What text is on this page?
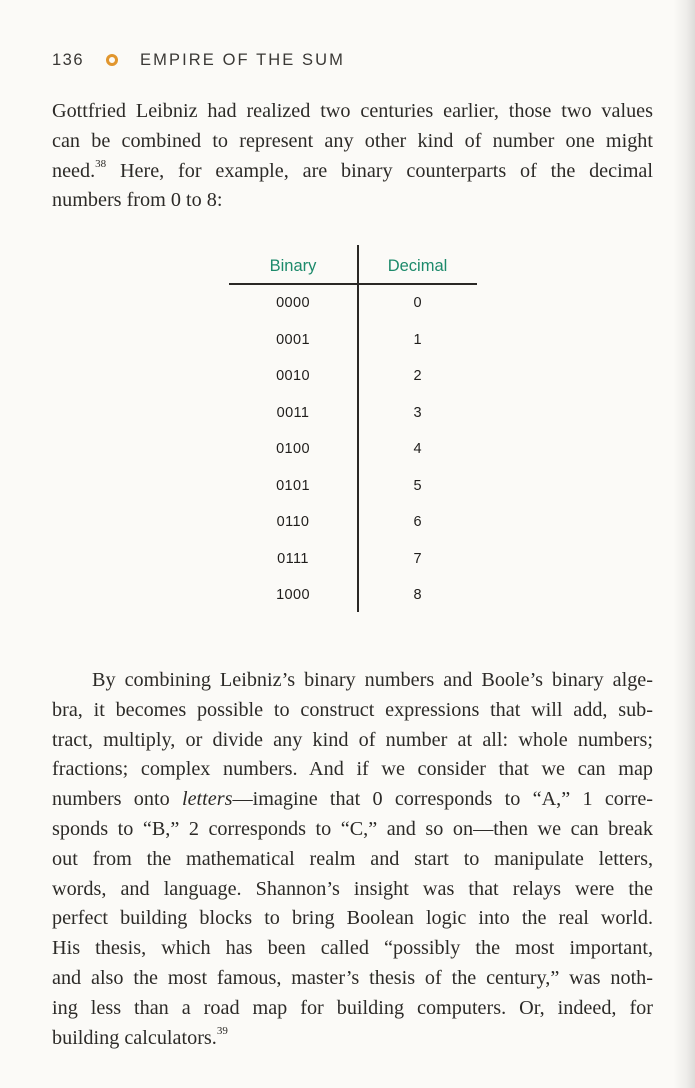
136	EMPIRE OF THE SUM
Gottfried Leibniz had realized two centuries earlier, those two values
can be combined to represent any other kind of number one might
need.$^{38}$ Here, for example, are binary counterparts of the decimal
numbers from 0 to 8:
Binary	Decimal
0000	0
0001	1
0010	2
0011	3
0100	4
0101	5
0110	6
0111	7
1000	8
By combining Leibniz’s binary numbers and Boole’s binary alge-
bra, it becomes possible to construct expressions that will add, sub-
tract, multiply, or divide any kind of number at all: whole numbers;
fractions; complex numbers. And if we consider that we can map
numbers onto letters—imagine that 0 corresponds to “A,” 1 corre-
sponds to “B,” 2 corresponds to “C,” and so on—then we can break
out from the mathematical realm and start to manipulate letters,
words, and language. Shannon’s insight was that relays were the
perfect building blocks to bring Boolean logic into the real world.
His thesis, which has been called “possibly the most important,
and also the most famous, master’s thesis of the century,” was noth-
ing less than a road map for building computers. Or, indeed, for
building calculators.$^{39}$
